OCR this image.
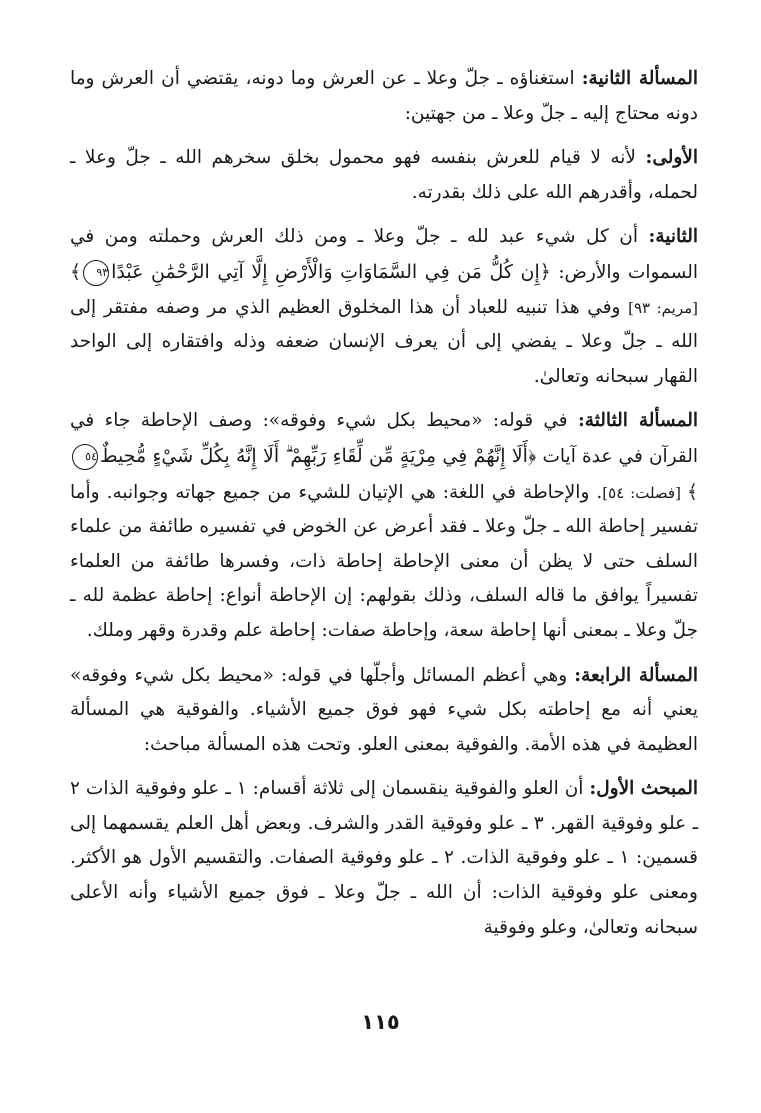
المسألة الثانية: استغناؤه ـ جلّ وعلا ـ عن العرش وما دونه، يقتضي أن العرش وما دونه محتاج إليه ـ جلّ وعلا ـ من جهتين:

الأولى: لأنه لا قيام للعرش بنفسه فهو محمول بخلق سخرهم الله ـ جلّ وعلا ـ لحمله، وأقدرهم الله على ذلك بقدرته.

الثانية: أن كل شيء عبد لله ـ جلّ وعلا ـ ومن ذلك العرش وحملته ومن في السموات والأرض: ﴿إِن كُلُّ مَن فِي السَّمَاوَاتِ وَالْأَرْضِ إِلَّا آتِي الرَّحْمَٰنِ عَبْدًا٩٣﴾ [مريم: ٩٣] وفي هذا تنبيه للعباد أن هذا المخلوق العظيم الذي مر وصفه مفتقر إلى الله ـ جلّ وعلا ـ يفضي إلى أن يعرف الإنسان ضعفه وذله وافتقاره إلى الواحد القهار سبحانه وتعالىٰ.

المسألة الثالثة: في قوله: «محيط بكل شيء وفوقه»: وصف الإحاطة جاء في القرآن في عدة آيات ﴿أَلَا إِنَّهُمْ فِي مِرْيَةٍ مِّن لِّقَاءِ رَبِّهِمْ ۗ أَلَا إِنَّهُ بِكُلِّ شَيْءٍ مُّحِيطٌ٥٤﴾ [فصلت: ٥٤]. والإحاطة في اللغة: هي الإتيان للشيء من جميع جهاته وجوانبه. وأما تفسير إحاطة الله ـ جلّ وعلا ـ فقد أعرض عن الخوض في تفسيره طائفة من علماء السلف حتى لا يظن أن معنى الإحاطة إحاطة ذات، وفسرها طائفة من العلماء تفسيراً يوافق ما قاله السلف، وذلك بقولهم: إن الإحاطة أنواع: إحاطة عظمة لله ـ جلّ وعلا ـ بمعنى أنها إحاطة سعة، وإحاطة صفات: إحاطة علم وقدرة وقهر وملك.

المسألة الرابعة: وهي أعظم المسائل وأجلّها في قوله: «محيط بكل شيء وفوقه» يعني أنه مع إحاطته بكل شيء فهو فوق جميع الأشياء. والفوقية هي المسألة العظيمة في هذه الأمة. والفوقية بمعنى العلو. وتحت هذه المسألة مباحث:

المبحث الأول: أن العلو والفوقية ينقسمان إلى ثلاثة أقسام: ١ ـ علو وفوقية الذات ٢ ـ علو وفوقية القهر. ٣ ـ علو وفوقية القدر والشرف. وبعض أهل العلم يقسمهما إلى قسمين: ١ ـ علو وفوقية الذات. ٢ ـ علو وفوقية الصفات. والتقسيم الأول هو الأكثر. ومعنى علو وفوقية الذات: أن الله ـ جلّ وعلا ـ فوق جميع الأشياء وأنه الأعلى سبحانه وتعالىٰ، وعلو وفوقية

١١٥
